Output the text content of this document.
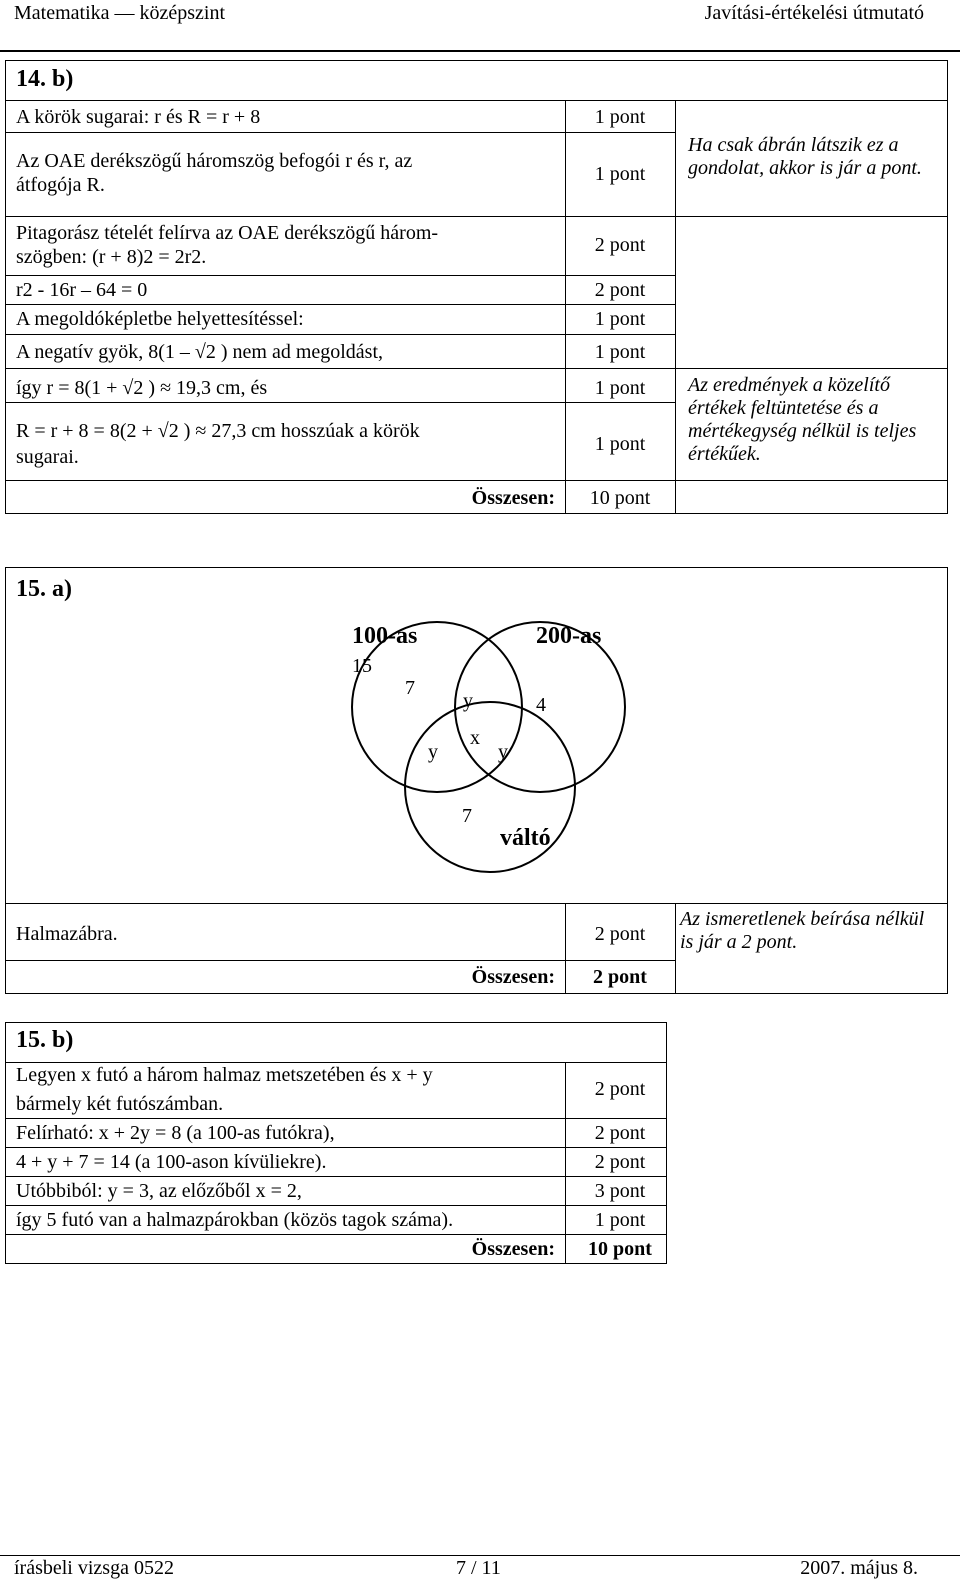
Matematika — középszint	Javítási-értékelési útmutató
14. b)
A körök sugarai: r és R = r + 8	1 pont
Az OAE derékszögű háromszög befogói r és r, az
átfogója R.	1 pont
Pitagorász tételét felírva az OAE derékszögű három-
szögben: (r + 8)2 = 2r2.
2 pont
r2 - 16r – 64 = 0	2 pont
A megoldóképletbe helyettesítéssel:	1 pont
A negatív gyök, 8(1 – √2 ) nem ad megoldást,	1 pont
így r = 8(1 + √2 ) ≈ 19,3 cm, és	1 pont
R = r + 8 = 8(2 + √2 ) ≈ 27,3 cm hosszúak a körök
sugarai.
1 pont
Ha csak ábrán látszik ez a gondolat, akkor is jár a pont.
Az eredmények a közelítő értékek feltüntetése és a mértékegység nélkül is teljes értékűek.
Összesen:	10 pont
15. a)
100-as	200-as
váltó
15
7
y	4
y
x
y
7
Halmazábra.	2 pont
Az ismeretlenek beírása nélkül is jár a 2 pont.
Összesen:	2 pont
15. b)
Legyen x futó a három halmaz metszetében és x + y
bármely két futószámban.
2 pont
Felírható: x + 2y = 8 (a 100-as futókra),	2 pont
4 + y + 7 = 14 (a 100-ason kívüliekre).	2 pont
Utóbbiból: y = 3, az előzőből x = 2,	3 pont
így 5 futó van a halmazpárokban (közös tagok száma).	1 pont
Összesen:	10 pont
írásbeli vizsga 0522	7 / 11	2007. május 8.
